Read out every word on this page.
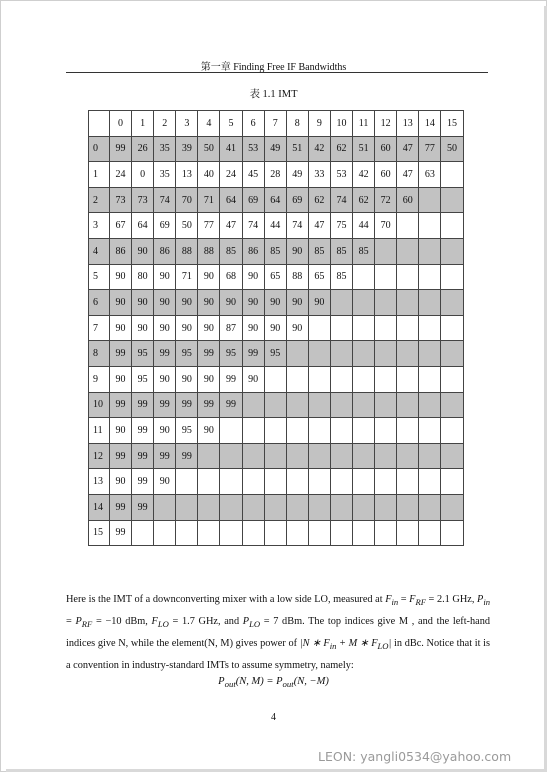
第一章 Finding Free IF Bandwidths
表 1.1 IMT
	0	1	2	3	4	5	6	7	8	9	10	11	12	13	14	15
0	99	26	35	39	50	41	53	49	51	42	62	51	60	47	77	50
1	24	0	35	13	40	24	45	28	49	33	53	42	60	47	63	
2	73	73	74	70	71	64	69	64	69	62	74	62	72	60		
3	67	64	69	50	77	47	74	44	74	47	75	44	70			
4	86	90	86	88	88	85	86	85	90	85	85	85				
5	90	80	90	71	90	68	90	65	88	65	85					
6	90	90	90	90	90	90	90	90	90	90						
7	90	90	90	90	90	87	90	90	90							
8	99	95	99	95	99	95	99	95								
9	90	95	90	90	90	99	90									
10	99	99	99	99	99	99										
11	90	99	90	95	90											
12	99	99	99	99												
13	90	99	90													
14	99	99														
15	99															
Here is the IMT of a downconverting mixer with a low side LO, measured at $F_{in} = F_{RF} = 2.1$ GHz, $P_{in} = P_{RF} = -10$ dBm, $F_{LO} = 1.7$ GHz, and $P_{LO} = 7$ dBm. The top indices give M , and the left-hand indices give N, while the element(N, M) gives power of |N ∗ $F_{in} + M$ ∗ $F_{LO}|$ in dBc. Notice that it is a convention in industry-standard IMTs to assume symmetry, namely:
$P_{out}(N$, $M) = P_{out}(N$, −M)
4
LEON: yangli0534@yahoo.com
